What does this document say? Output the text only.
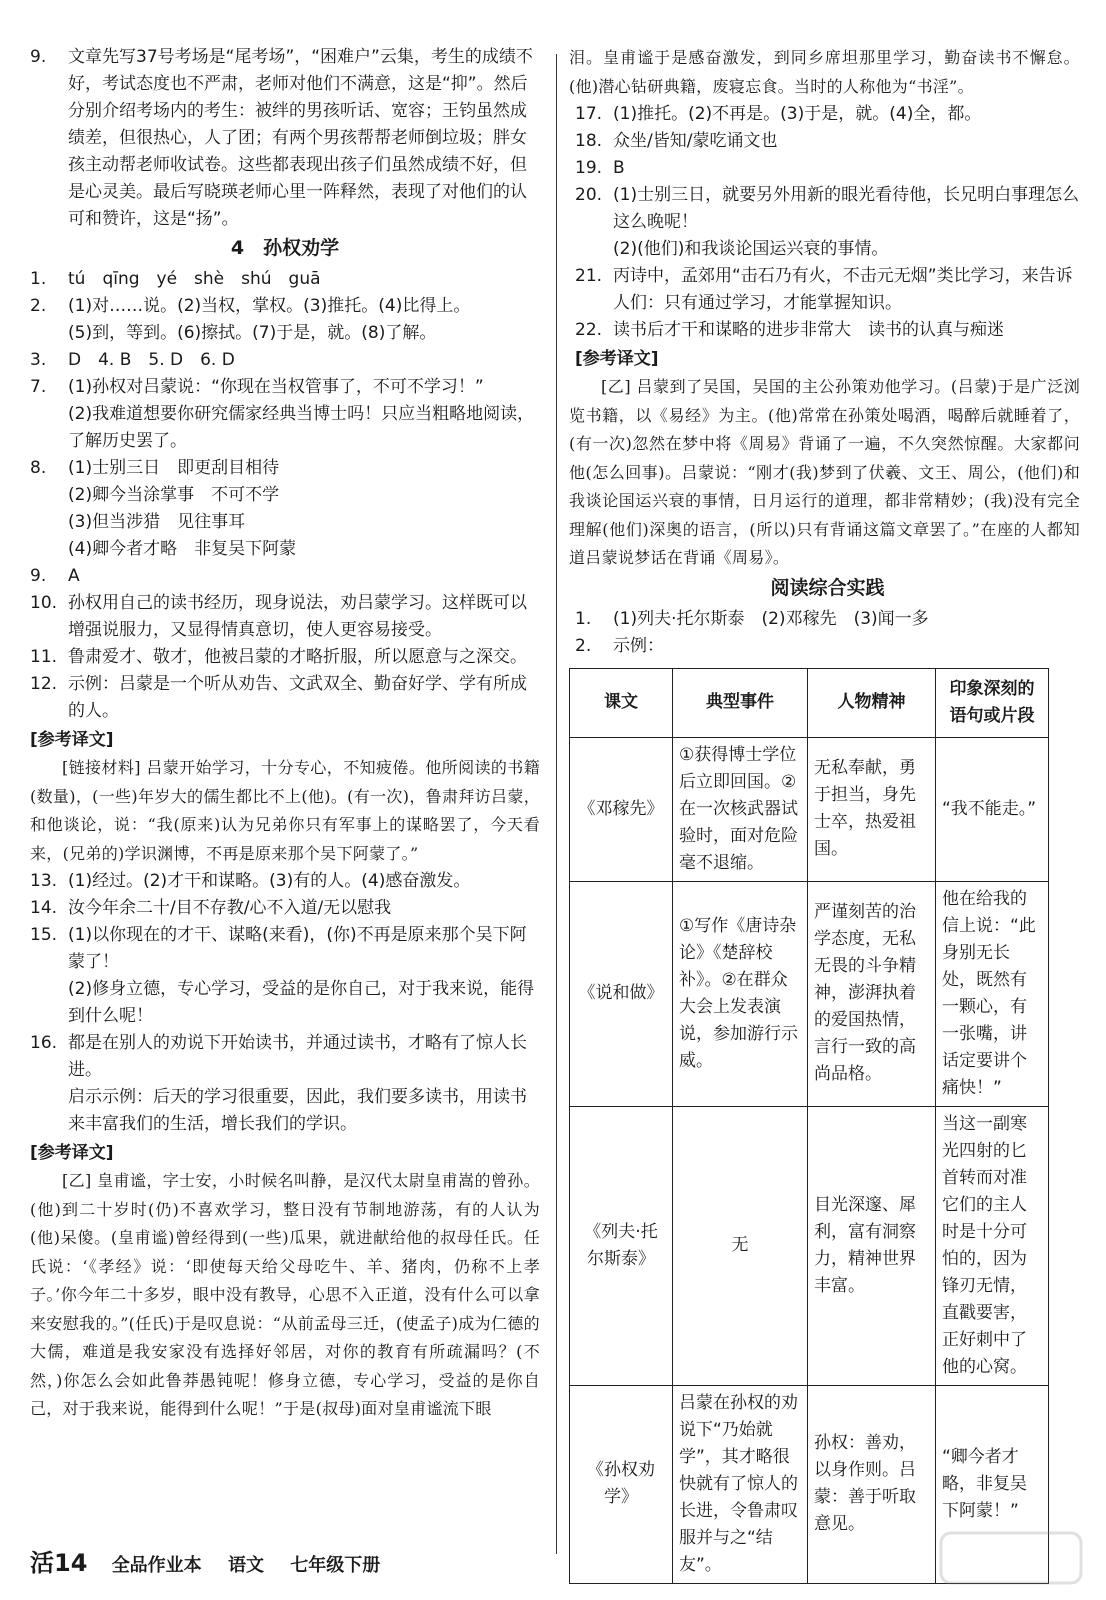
9.	文章先写37号考场是“尾考场”，“困难户”云集，考生的成绩不好，考试态度也不严肃，老师对他们不满意，这是“抑”。然后分别介绍考场内的考生：被绊的男孩听话、宽容；王钧虽然成绩差，但很热心，人了团；有两个男孩帮帮老师倒垃圾；胖女孩主动帮老师收试卷。这些都表现出孩子们虽然成绩不好，但是心灵美。最后写晓瑛老师心里一阵释然，表现了对他们的认可和赞许，这是“扬”。
4　孙权劝学
1.	tú　qīng　yé　shè　shú　guā
2.	(1)对……说。(2)当权，掌权。(3)推托。(4)比得上。
(5)到，等到。(6)擦拭。(7)于是，就。(8)了解。
3.	D　4. B　5. D　6. D
7.	(1)孙权对吕蒙说：“你现在当权管事了，不可不学习！”
(2)我难道想要你研究儒家经典当博士吗！只应当粗略地阅读，了解历史罢了。
8.	(1)士别三日　即更刮目相待
(2)卿今当涂掌事　不可不学
(3)但当涉猎　见往事耳
(4)卿今者才略　非复吴下阿蒙
9.	A
10. 孙权用自己的读书经历，现身说法，劝吕蒙学习。这样既可以增强说服力，又显得情真意切，使人更容易接受。
11. 鲁肃爱才、敬才，他被吕蒙的才略折服，所以愿意与之深交。
12. 示例：吕蒙是一个听从劝告、文武双全、勤奋好学、学有所成的人。
[参考译文]
[链接材料] 吕蒙开始学习，十分专心，不知疲倦。他所阅读的书籍(数量)，(一些)年岁大的儒生都比不上(他)。(有一次)，鲁肃拜访吕蒙，和他谈论，说：“我(原来)认为兄弟你只有军事上的谋略罢了，今天看来，(兄弟的)学识渊博，不再是原来那个吴下阿蒙了。”
13. (1)经过。(2)才干和谋略。(3)有的人。(4)感奋激发。
14. 汝今年余二十/目不存教/心不入道/无以慰我
15. (1)以你现在的才干、谋略(来看)，(你)不再是原来那个吴下阿蒙了！
(2)修身立德，专心学习，受益的是你自己，对于我来说，能得到什么呢！
16. 都是在别人的劝说下开始读书，并通过读书，才略有了惊人长进。
启示示例：后天的学习很重要，因此，我们要多读书，用读书来丰富我们的生活，增长我们的学识。
[参考译文]
[乙] 皇甫谧，字士安，小时候名叫静，是汉代太尉皇甫嵩的曾孙。(他)到二十岁时(仍)不喜欢学习，整日没有节制地游荡，有的人认为(他)呆傻。(皇甫谧)曾经得到(一些)瓜果，就进献给他的叔母任氏。任氏说：‘《孝经》说：‘即使每天给父母吃牛、羊、猪肉，仍称不上孝子。’你今年二十多岁，眼中没有教导，心思不入正道，没有什么可以拿来安慰我的。”(任氏)于是叹息说：“从前孟母三迁，(使孟子)成为仁德的大儒，难道是我安家没有选择好邻居，对你的教育有所疏漏吗？(不然，)你怎么会如此鲁莽愚钝呢！修身立德，专心学习，受益的是你自己，对于我来说，能得到什么呢！”于是(叔母)面对皇甫谧流下眼
泪。皇甫谧于是感奋激发，到同乡席坦那里学习，勤奋读书不懈怠。(他)潜心钻研典籍，废寝忘食。当时的人称他为“书淫”。
17. (1)推托。(2)不再是。(3)于是，就。(4)全，都。
18. 众坐/皆知/蒙吃诵文也
19. B
20. (1)士别三日，就要另外用新的眼光看待他，长兄明白事理怎么这么晚呢！
(2)(他们)和我谈论国运兴衰的事情。
21. 丙诗中，孟郊用“击石乃有火，不击元无烟”类比学习，来告诉人们：只有通过学习，才能掌握知识。
22. 读书后才干和谋略的进步非常大　读书的认真与痴迷
[参考译文]
[乙] 吕蒙到了吴国，吴国的主公孙策劝他学习。(吕蒙)于是广泛浏览书籍，以《易经》为主。(他)常常在孙策处喝酒，喝醉后就睡着了，(有一次)忽然在梦中将《周易》背诵了一遍，不久突然惊醒。大家都问他(怎么回事)。吕蒙说：“刚才(我)梦到了伏羲、文王、周公，(他们)和我谈论国运兴衰的事情，日月运行的道理，都非常精妙；(我)没有完全理解(他们)深奥的语言，(所以)只有背诵这篇文章罢了。”在座的人都知道吕蒙说梦话在背诵《周易》。
阅读综合实践
1.	(1)列夫·托尔斯泰　(2)邓稼先　(3)闻一多
2.	示例：
课文	典型事件	人物精神	印象深刻的语句或片段
《邓稼先》	①获得博士学位后立即回国。②在一次核武器试验时，面对危险毫不退缩。	无私奉献，勇于担当，身先士卒，热爱祖国。	“我不能走。”
《说和做》	①写作《唐诗杂论》《楚辞校补》。②在群众大会上发表演说，参加游行示威。	严谨刻苦的治学态度，无私无畏的斗争精神，澎湃执着的爱国热情，言行一致的高尚品格。	他在给我的信上说：“此身别无长处，既然有一颗心，有一张嘴，讲话定要讲个痛快！”
《列夫·托尔斯泰》	无	目光深邃、犀利，富有洞察力，精神世界丰富。	当这一副寒光四射的匕首转而对准它们的主人时是十分可怕的，因为锋刃无情，直戳要害，正好刺中了他的心窝。
《孙权劝学》	吕蒙在孙权的劝说下“乃始就学”，其才略很快就有了惊人的长进，令鲁肃叹服并与之“结友”。	孙权：善劝，以身作则。吕蒙：善于听取意见。	“卿今者才略，非复吴下阿蒙！”
活14 全品作业本 语文 七年级下册
